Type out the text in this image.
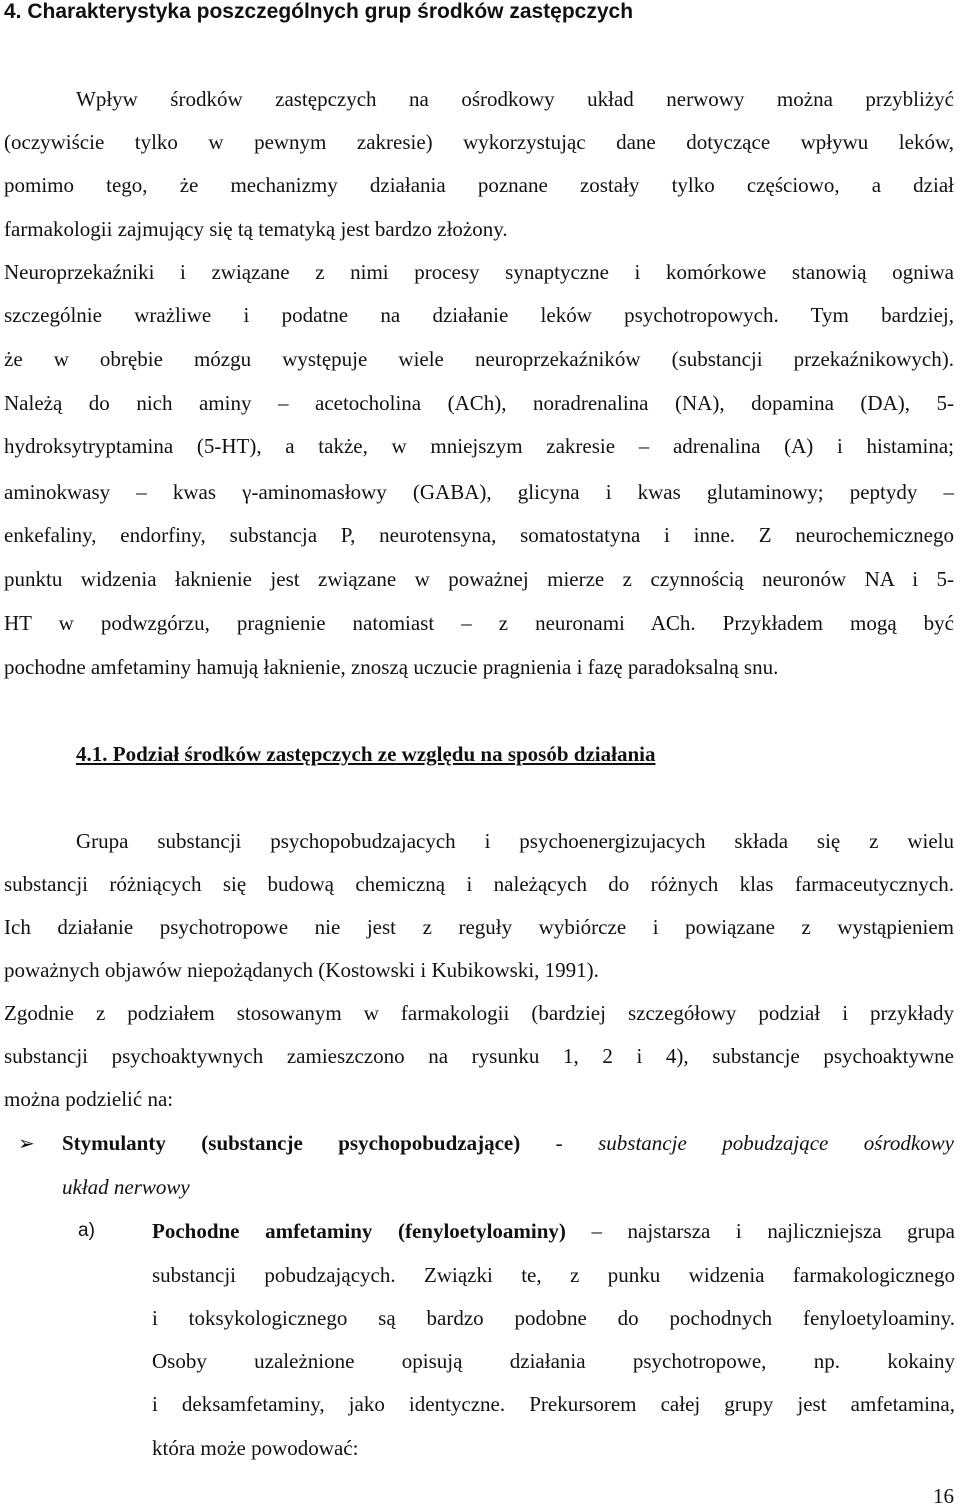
4. Charakterystyka poszczególnych grup środków zastępczych
Wpływ środków zastępczych na ośrodkowy układ nerwowy można przybliżyć
(oczywiście tylko w pewnym zakresie) wykorzystując dane dotyczące wpływu leków,
pomimo tego, że mechanizmy działania poznane zostały tylko częściowo, a dział
farmakologii zajmujący się tą tematyką jest bardzo złożony.
Neuroprzekaźniki i związane z nimi procesy synaptyczne i komórkowe stanowią ogniwa
szczególnie wrażliwe i podatne na działanie leków psychotropowych. Tym bardziej,
że w obrębie mózgu występuje wiele neuroprzekaźników (substancji przekaźnikowych).
Należą do nich aminy – acetocholina (ACh), noradrenalina (NA), dopamina (DA), 5-
hydroksytryptamina (5-HT), a także, w mniejszym zakresie – adrenalina (A) i histamina;
aminokwasy – kwas γ-aminomasłowy (GABA), glicyna i kwas glutaminowy; peptydy –
enkefaliny, endorfiny, substancja P, neurotensyna, somatostatyna i inne. Z neurochemicznego
punktu widzenia łaknienie jest związane w poważnej mierze z czynnością neuronów NA i 5-
HT w podwzgórzu, pragnienie natomiast – z neuronami ACh. Przykładem mogą być
pochodne amfetaminy hamują łaknienie, znoszą uczucie pragnienia i fazę paradoksalną snu.
4.1. Podział środków zastępczych ze względu na sposób działania
Grupa substancji psychopobudzajacych i psychoenergizujacych składa się z wielu
substancji różniących się budową chemiczną i należących do różnych klas farmaceutycznych.
Ich działanie psychotropowe nie jest z reguły wybiórcze i powiązane z wystąpieniem
poważnych objawów niepożądanych (Kostowski i Kubikowski, 1991).
Zgodnie z podziałem stosowanym w farmakologii (bardziej szczegółowy podział i przykłady
substancji psychoaktywnych zamieszczono na rysunku 1, 2 i 4), substancje psychoaktywne
można podzielić na:
➢	Stymulanty (substancje psychopobudzające) - substancje pobudzające ośrodkowy
układ nerwowy
a)	Pochodne amfetaminy (fenyloetyloaminy) – najstarsza i najliczniejsza grupa
substancji pobudzających. Związki te, z punku widzenia farmakologicznego
i toksykologicznego są bardzo podobne do pochodnych fenyloetyloaminy.
Osoby uzależnione opisują działania psychotropowe, np. kokainy
i deksamfetaminy, jako identyczne. Prekursorem całej grupy jest amfetamina,
która może powodować:
16
